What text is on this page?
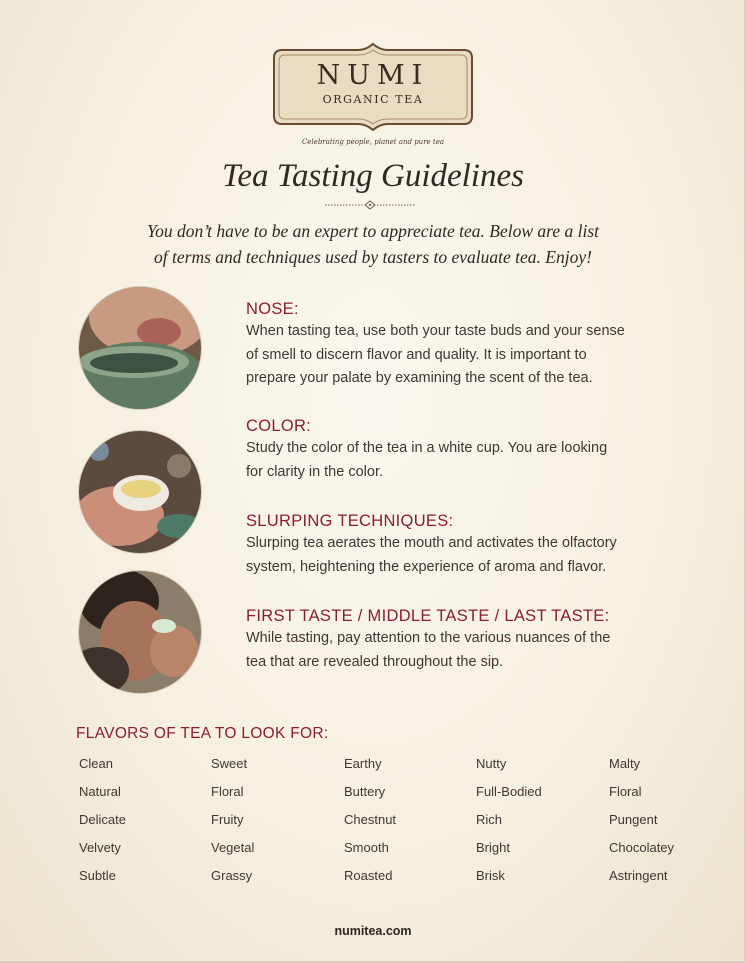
NUMI
ORGANIC TEA
Celebrating people, planet and pure tea
Tea Tasting Guidelines
You don’t have to be an expert to appreciate tea. Below are a list
of terms and techniques used by tasters to evaluate tea. Enjoy!
NOSE:
When tasting tea, use both your taste buds and your sense
of smell to discern flavor and quality. It is important to
prepare your palate by examining the scent of the tea.
COLOR:
Study the color of the tea in a white cup. You are looking
for clarity in the color.
SLURPING TECHNIQUES:
Slurping tea aerates the mouth and activates the olfactory
system, heightening the experience of aroma and flavor.
FIRST TASTE / MIDDLE TASTE / LAST TASTE:
While tasting, pay attention to the various nuances of the
tea that are revealed throughout the sip.
FLAVORS OF TEA TO LOOK FOR:
Clean
Natural
Delicate
Velvety
Subtle
Sweet
Floral
Fruity
Vegetal
Grassy
Earthy
Buttery
Chestnut
Smooth
Roasted
Nutty
Full-Bodied
Rich
Bright
Brisk
Malty
Floral
Pungent
Chocolatey
Astringent
numitea.com
